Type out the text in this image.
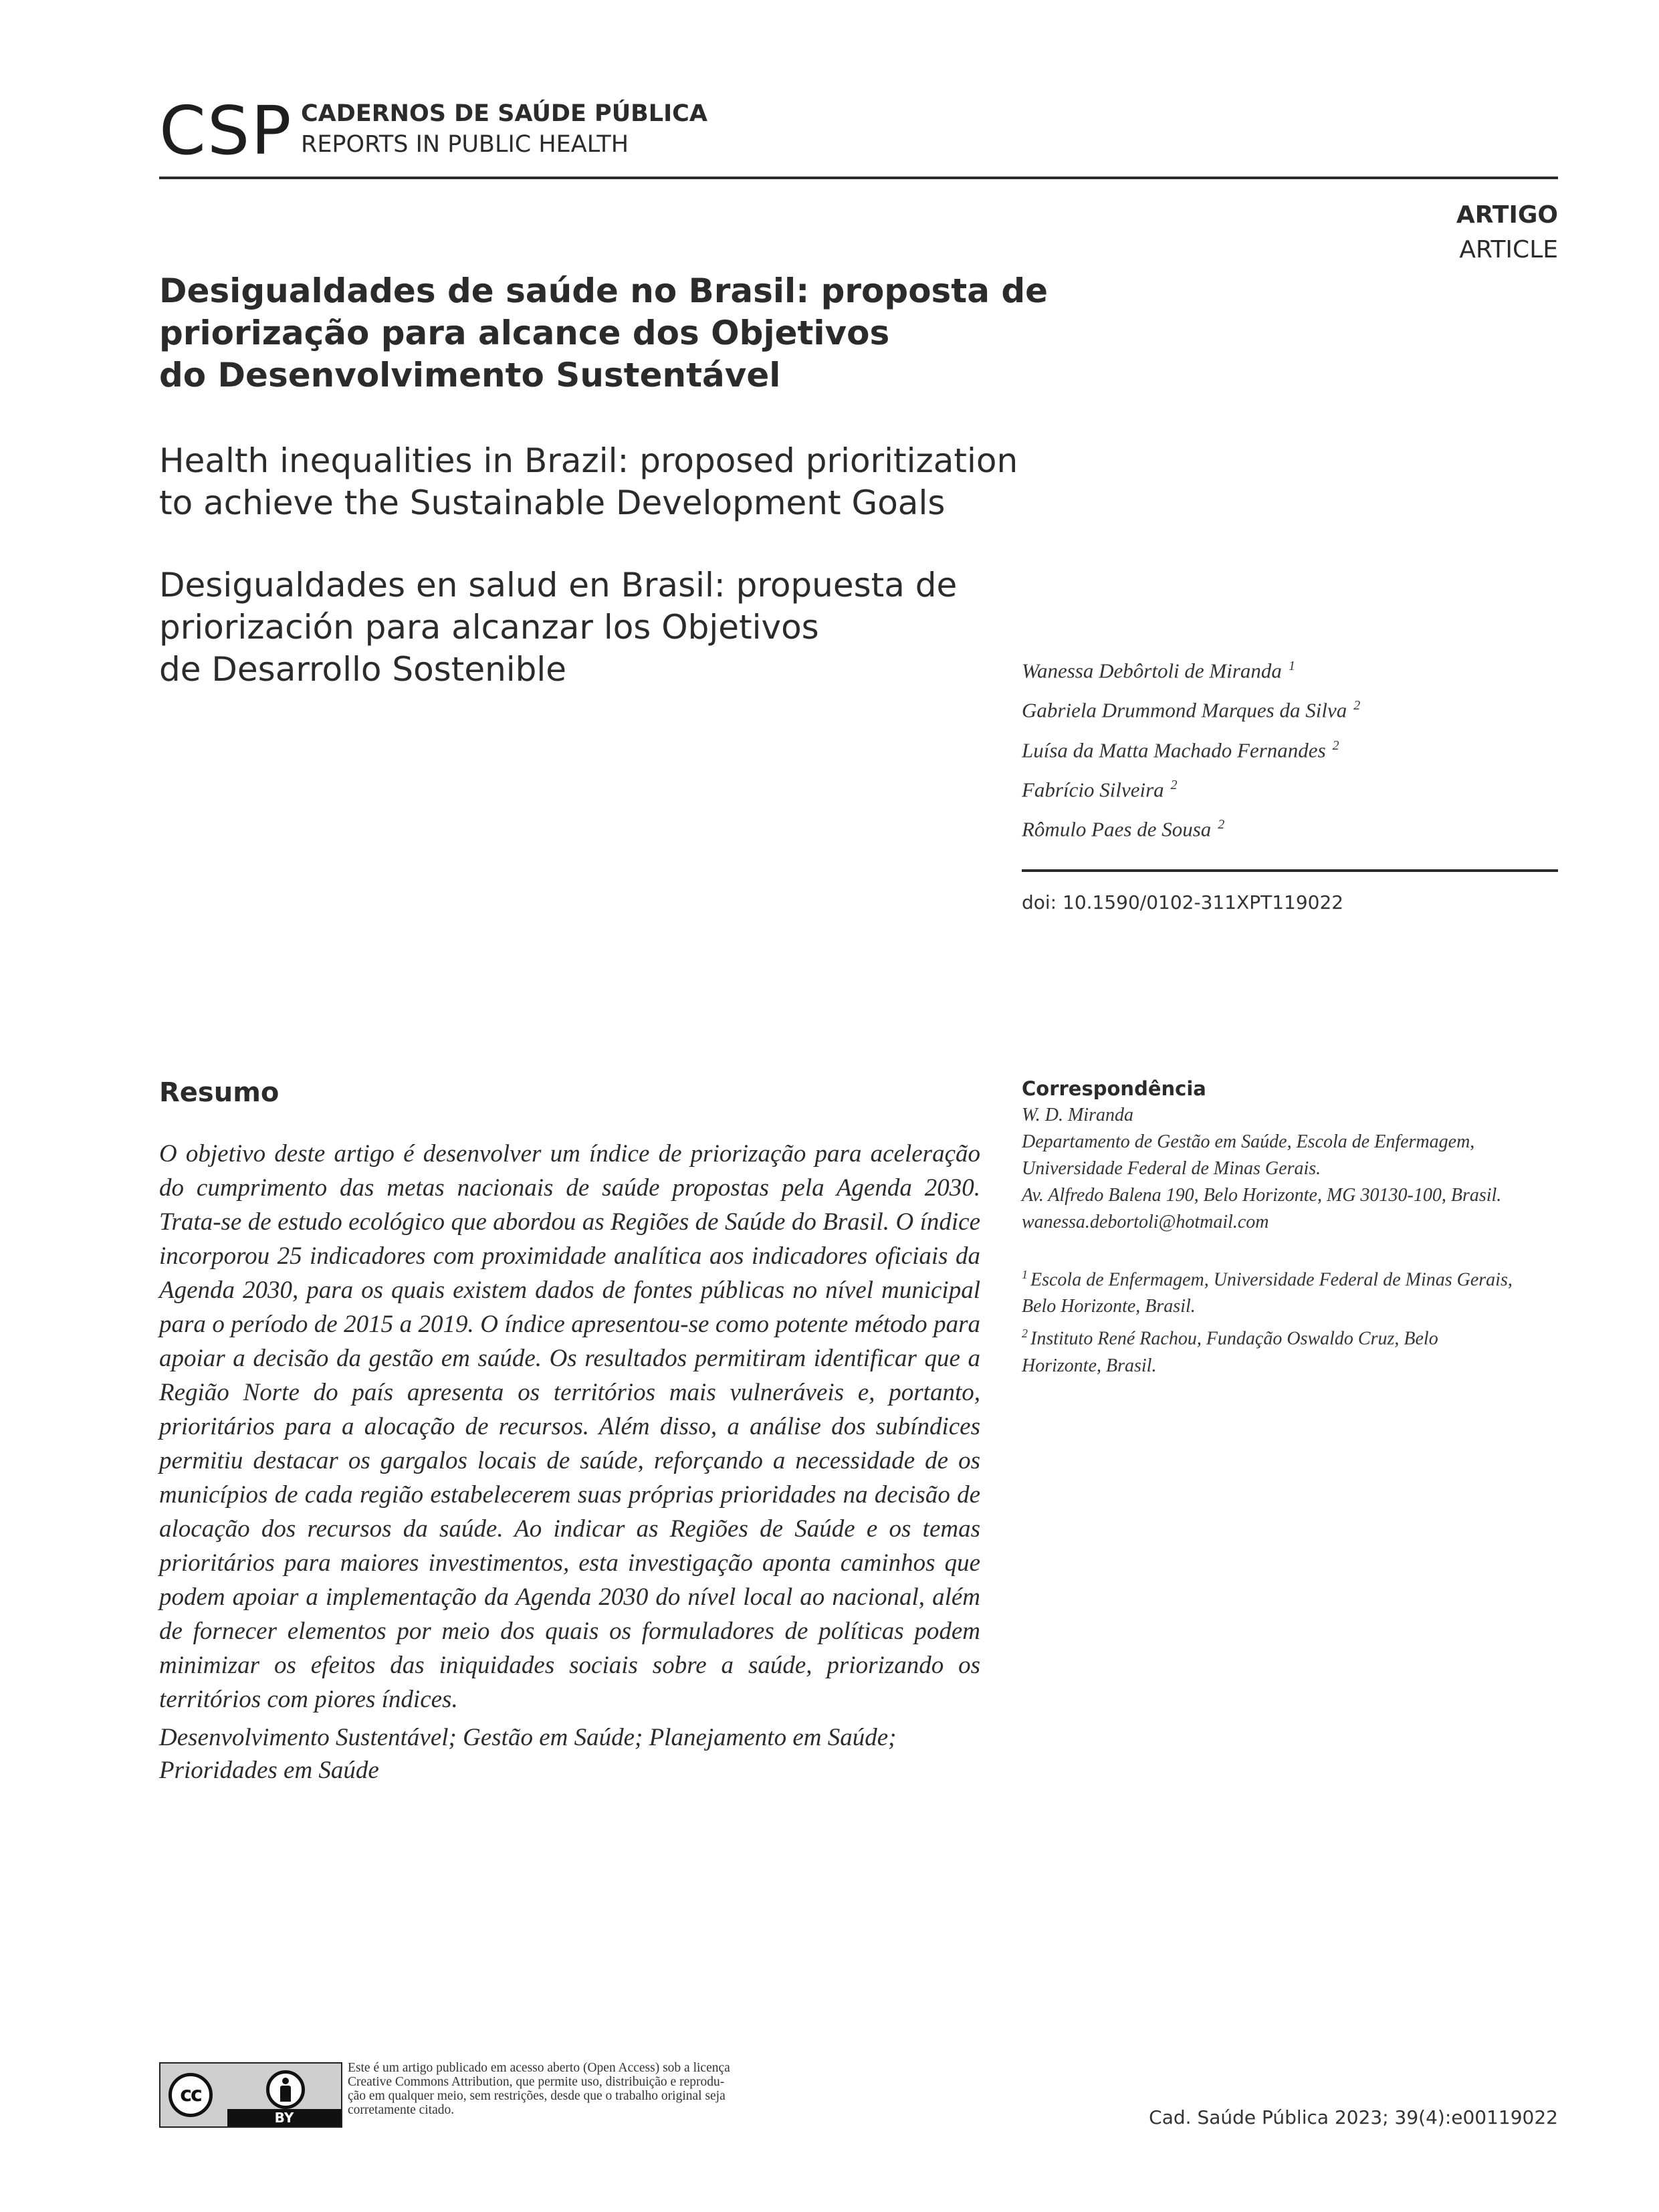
CSP CADERNOS DE SAÚDE PÚBLICA
REPORTS IN PUBLIC HEALTH
ARTIGO
ARTICLE
Desigualdades de saúde no Brasil: proposta de
priorização para alcance dos Objetivos
do Desenvolvimento Sustentável
Health inequalities in Brazil: proposed prioritization
to achieve the Sustainable Development Goals
Desigualdades en salud en Brasil: propuesta de
priorización para alcanzar los Objetivos
de Desarrollo Sostenible	Wanessa Debôrtoli de Miranda $^1$
Gabriela Drummond Marques da Silva $^2$
Luísa da Matta Machado Fernandes $^2$
Fabrício Silveira $^2$
Rômulo Paes de Sousa $^2$
doi: 10.1590/0102-311XPT119022
Resumo
O objetivo deste artigo é desenvolver um índice de priorização para aceleração do cumprimento das metas nacionais de saúde propostas pela Agenda 2030. Trata-se de estudo ecológico que abordou as Regiões de Saúde do Brasil. O índice incorporou 25 indicadores com proximidade analítica aos indicadores oficiais da Agenda 2030, para os quais existem dados de fontes públicas no nível municipal para o período de 2015 a 2019. O índice apresentou-se como potente método para apoiar a decisão da gestão em saúde. Os resultados permitiram identificar que a Região Norte do país apresenta os territórios mais vulneráveis e, portanto, prioritários para a alocação de recursos. Além disso, a análise dos subíndices permitiu destacar os gargalos locais de saúde, reforçando a necessidade de os municípios de cada região estabelecerem suas próprias prioridades na decisão de alocação dos recursos da saúde. Ao indicar as Regiões de Saúde e os temas prioritários para maiores investimentos, esta investigação aponta caminhos que podem apoiar a implementação da Agenda 2030 do nível local ao nacional, além de fornecer elementos por meio dos quais os formuladores de políticas podem minimizar os efeitos das iniquidades sociais sobre a saúde, priorizando os territórios com piores índices.
Desenvolvimento Sustentável; Gestão em Saúde; Planejamento em Saúde;
Prioridades em Saúde
Correspondência
W. D. Miranda
Departamento de Gestão em Saúde, Escola de Enfermagem,
Universidade Federal de Minas Gerais.
Av. Alfredo Balena 190, Belo Horizonte, MG 30130-100, Brasil.
wanessa.debortoli@hotmail.com
$^1$ Escola de Enfermagem, Universidade Federal de Minas Gerais,
Belo Horizonte, Brasil.
$^2$ Instituto René Rachou, Fundação Oswaldo Cruz, Belo
Horizonte, Brasil.
cc
BY
Este é um artigo publicado em acesso aberto (Open Access) sob a licença
Creative Commons Attribution, que permite uso, distribuição e reprodu-
ção em qualquer meio, sem restrições, desde que o trabalho original seja
corretamente citado.	Cad. Saúde Pública 2023; 39(4):e00119022
